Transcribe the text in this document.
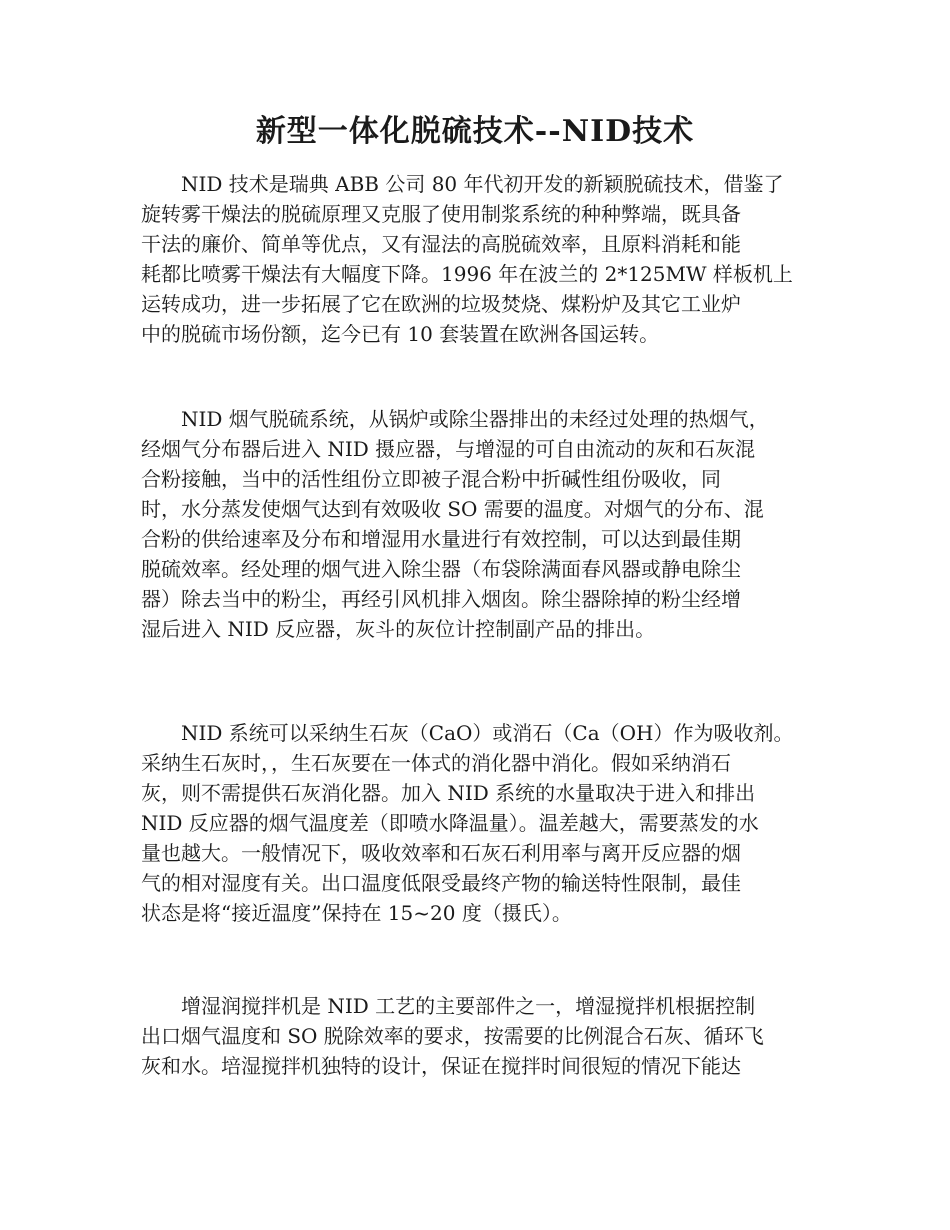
新型一体化脱硫技术--NID技术

　　NID 技术是瑞典 ABB 公司 80 年代初开发的新颖脱硫技术，借鉴了

旋转雾干燥法的脱硫原理又克服了使用制浆系统的种种弊端，既具备

干法的廉价、简单等优点，又有湿法的高脱硫效率，且原料消耗和能

耗都比喷雾干燥法有大幅度下降。1996 年在波兰的 2*125MW 样板机上

运转成功，进一步拓展了它在欧洲的垃圾焚烧、煤粉炉及其它工业炉

中的脱硫市场份额，迄今已有 10 套装置在欧洲各国运转。

　　NID 烟气脱硫系统，从锅炉或除尘器排出的未经过处理的热烟气，

经烟气分布器后进入 NID 摄应器，与增湿的可自由流动的灰和石灰混

合粉接触，当中的活性组份立即被子混合粉中折碱性组份吸收，同

时，水分蒸发使烟气达到有效吸收 SO 需要的温度。对烟气的分布、混

合粉的供给速率及分布和增湿用水量进行有效控制，可以达到最佳期

脱硫效率。经处理的烟气进入除尘器（布袋除满面春风器或静电除尘

器）除去当中的粉尘，再经引风机排入烟囱。除尘器除掉的粉尘经增

湿后进入 NID 反应器，灰斗的灰位计控制副产品的排出。

　　NID 系统可以采纳生石灰（CaO）或消石（Ca（OH）作为吸收剂。

采纳生石灰时，，生石灰要在一体式的消化器中消化。假如采纳消石

灰，则不需提供石灰消化器。加入 NID 系统的水量取决于进入和排出

NID 反应器的烟气温度差（即喷水降温量）。温差越大，需要蒸发的水

量也越大。一般情况下，吸收效率和石灰石利用率与离开反应器的烟

气的相对湿度有关。出口温度低限受最终产物的输送特性限制，最佳

状态是将“接近温度”保持在 15~20 度（摄氏）。

　　增湿润搅拌机是 NID 工艺的主要部件之一，增湿搅拌机根据控制

出口烟气温度和 SO 脱除效率的要求，按需要的比例混合石灰、循环飞

灰和水。培湿搅拌机独特的设计，保证在搅拌时间很短的情况下能达
